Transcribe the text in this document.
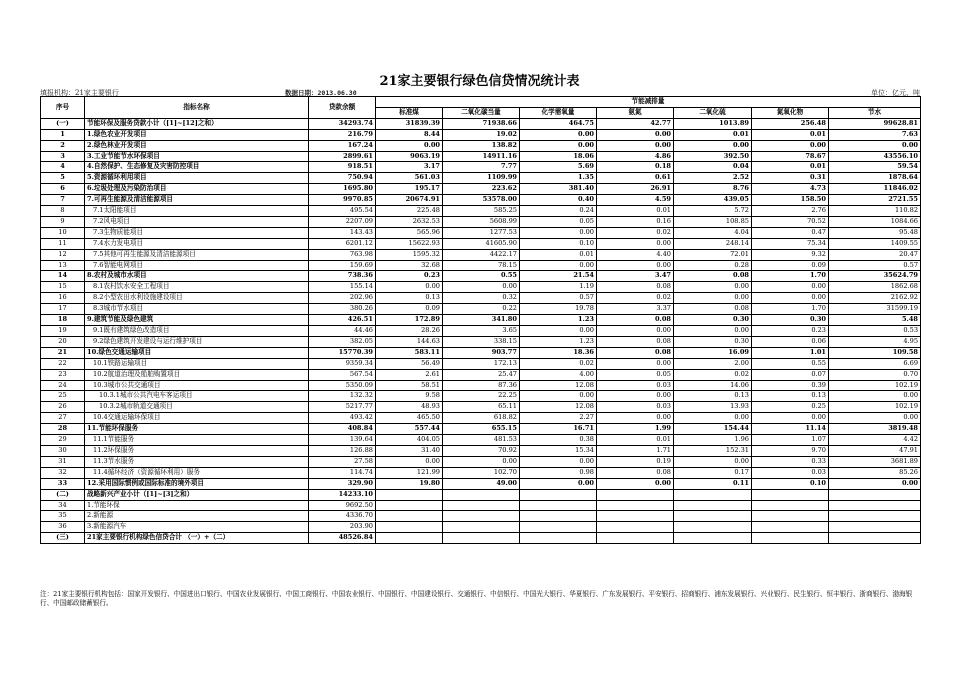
21家主要银行绿色信贷情况统计表
填报机构：21家主要银行	数据日期：2013.06.30	单位：亿元、吨
序号	指标名称	贷款余额	节能减排量						
			标准煤	二氧化碳当量	化学需氧量	氨氮	二氧化硫	氮氧化物	节水
(一)	节能环保及服务贷款小计（[1]~[12]之和）	34293.74	31839.39	71938.66	464.75	42.77	1013.89	256.48	99628.81
1	1.绿色农业开发项目	216.79	8.44	19.02	0.00	0.00	0.01	0.01	7.63
2	2.绿色林业开发项目	167.24	0.00	138.82	0.00	0.00	0.00	0.00	0.00
3	3.工业节能节水环保项目	2899.61	9063.19	14911.16	18.06	4.86	392.50	78.67	43556.10
4	4.自然保护、生态修复及灾害防控项目	918.51	3.17	7.77	5.69	0.18	0.04	0.01	59.54
5	5.资源循环利用项目	750.94	561.03	1109.99	1.35	0.61	2.52	0.31	1878.64
6	6.垃圾处理及污染防治项目	1695.80	195.17	223.62	381.40	26.91	8.76	4.73	11846.02
7	7.可再生能源及清洁能源项目	9970.85	20674.91	53578.00	0.40	4.59	439.05	158.50	2721.55
8	7.1太阳能项目	495.54	225.48	585.25	0.24	0.01	5.72	2.76	110.82
9	7.2风电项目	2207.09	2632.53	5608.99	0.05	0.16	108.85	70.52	1084.66
10	7.3生物质能项目	143.43	565.96	1277.53	0.00	0.02	4.04	0.47	95.48
11	7.4水力发电项目	6201.12	15622.93	41605.90	0.10	0.00	248.14	75.34	1409.55
12	7.5其他可再生能源及清洁能源项目	763.98	1595.32	4422.17	0.01	4.40	72.01	9.32	20.47
13	7.6智能电网项目	159.69	32.68	78.15	0.00	0.00	0.28	0.09	0.57
14	8.农村及城市水项目	738.36	0.23	0.55	21.54	3.47	0.08	1.70	35624.79
15	8.1农村饮水安全工程项目	155.14	0.00	0.00	1.19	0.08	0.00	0.00	1862.68
16	8.2小型农田水利设施建设项目	202.96	0.13	0.32	0.57	0.02	0.00	0.00	2162.92
17	8.3城市节水项目	380.26	0.09	0.22	19.78	3.37	0.08	1.70	31599.19
18	9.建筑节能及绿色建筑	426.51	172.89	341.80	1.23	0.08	0.30	0.30	5.48
19	9.1既有建筑绿色改造项目	44.46	28.26	3.65	0.00	0.00	0.00	0.23	0.53
20	9.2绿色建筑开发建设与运行维护项目	382.05	144.63	338.15	1.23	0.08	0.30	0.06	4.95
21	10.绿色交通运输项目	15770.39	583.11	903.77	18.36	0.08	16.09	1.01	109.58
22	10.1铁路运输项目	9359.34	56.49	172.13	0.02	0.00	2.00	0.55	6.69
23	10.2航道治理及船舶购置项目	567.54	2.61	25.47	4.00	0.05	0.02	0.07	0.70
24	10.3城市公共交通项目	5350.09	58.51	87.36	12.08	0.03	14.06	0.39	102.19
25	10.3.1城市公共汽电车客运项目	132.32	9.58	22.25	0.00	0.00	0.13	0.13	0.00
26	10.3.2城市轨道交通项目	5217.77	48.93	65.11	12.08	0.03	13.93	0.25	102.19
27	10.4交通运输环保项目	493.42	465.50	618.82	2.27	0.00	0.00	0.00	0.00
28	11.节能环保服务	408.84	557.44	655.15	16.71	1.99	154.44	11.14	3819.48
29	11.1节能服务	139.64	404.05	481.53	0.38	0.01	1.96	1.07	4.42
30	11.2环保服务	126.88	31.40	70.92	15.34	1.71	152.31	9.70	47.91
31	11.3节水服务	27.58	0.00	0.00	0.00	0.19	0.00	0.33	3681.89
32	11.4循环经济（资源循环利用）服务	114.74	121.99	102.70	0.98	0.08	0.17	0.03	85.26
33	12.采用国际惯例或国际标准的境外项目	329.90	19.80	49.00	0.00	0.00	0.11	0.10	0.00
(二)	战略新兴产业小计（[1]~[3]之和）	14233.10							
34	1.节能环保	9692.50							
35	2.新能源	4336.70							
36	3.新能源汽车	203.90							
(三)	21家主要银行机构绿色信贷合计 （一）+（二）	48526.84							
注：21家主要银行机构包括：国家开发银行、中国进出口银行、中国农业发展银行、中国工商银行、中国农业银行、中国银行、中国建设银行、交通银行、中信银行、中国光大银行、华夏银行、广东发展银行、平安银行、招商银行、浦东发展银行、兴业银行、民生银行、恒丰银行、浙商银行、渤海银行、中国邮政储蓄银行。
